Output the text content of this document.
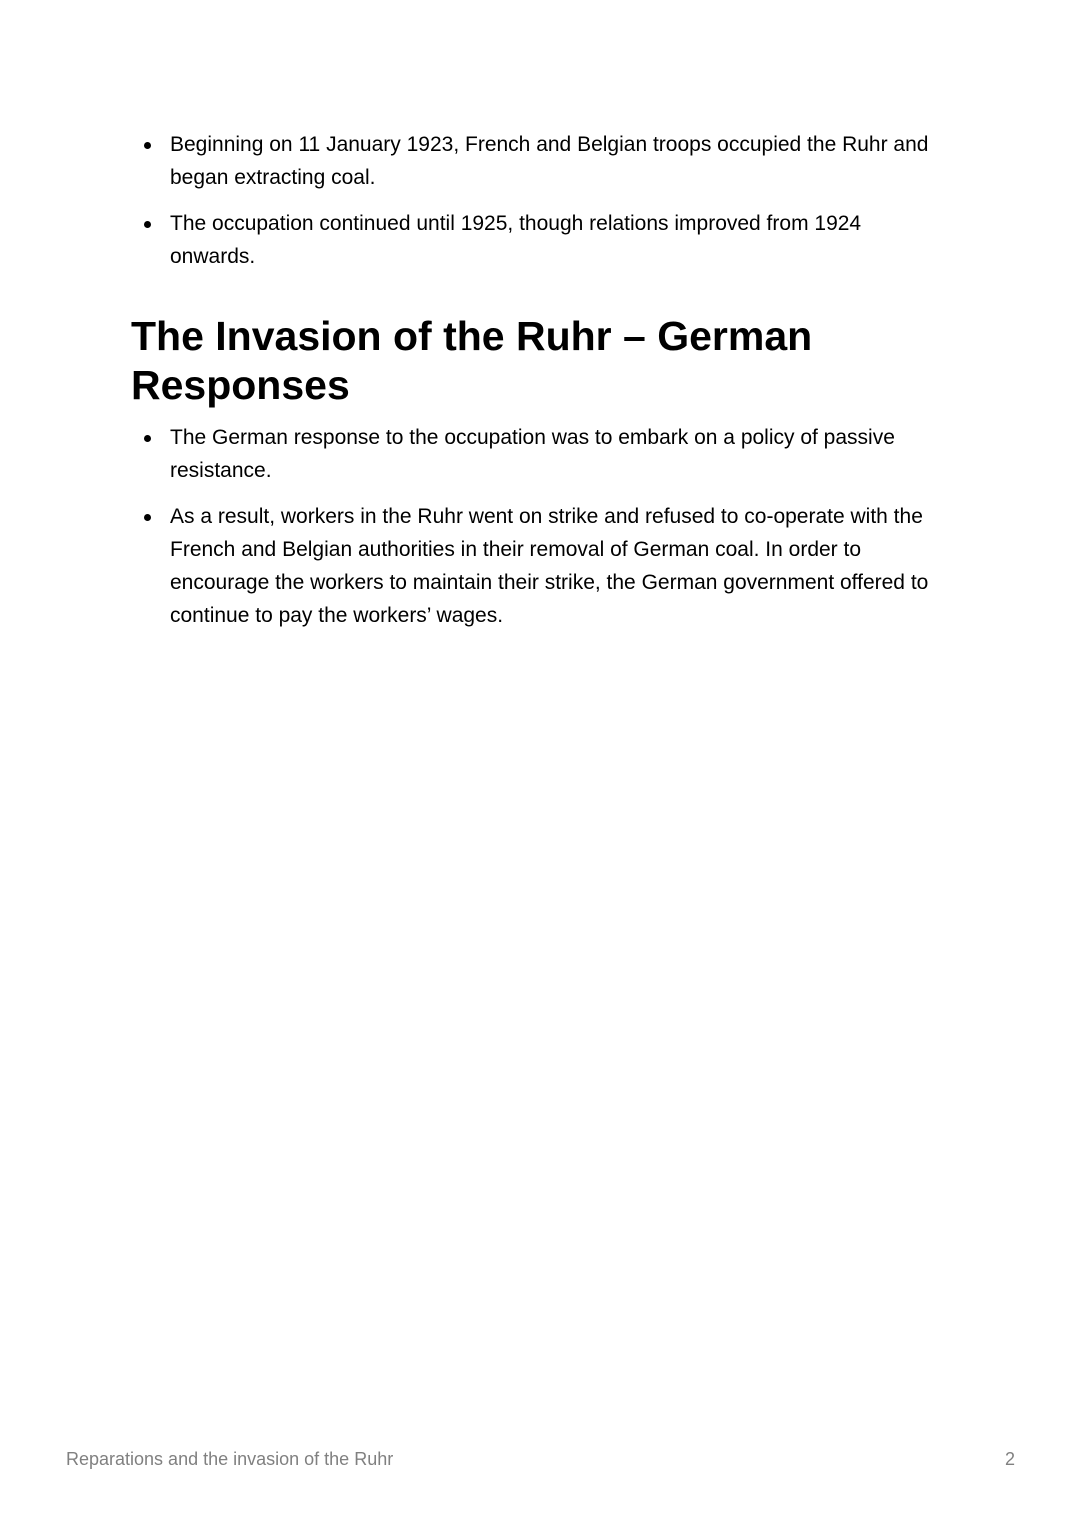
Beginning on 11 January 1923, French and Belgian troops occupied the Ruhr and began extracting coal.
The occupation continued until 1925, though relations improved from 1924 onwards.
The Invasion of the Ruhr – German Responses
The German response to the occupation was to embark on a policy of passive resistance.
As a result, workers in the Ruhr went on strike and refused to co-operate with the French and Belgian authorities in their removal of German coal. In order to encourage the workers to maintain their strike, the German government offered to continue to pay the workers’ wages.
Reparations and the invasion of the Ruhr	2
